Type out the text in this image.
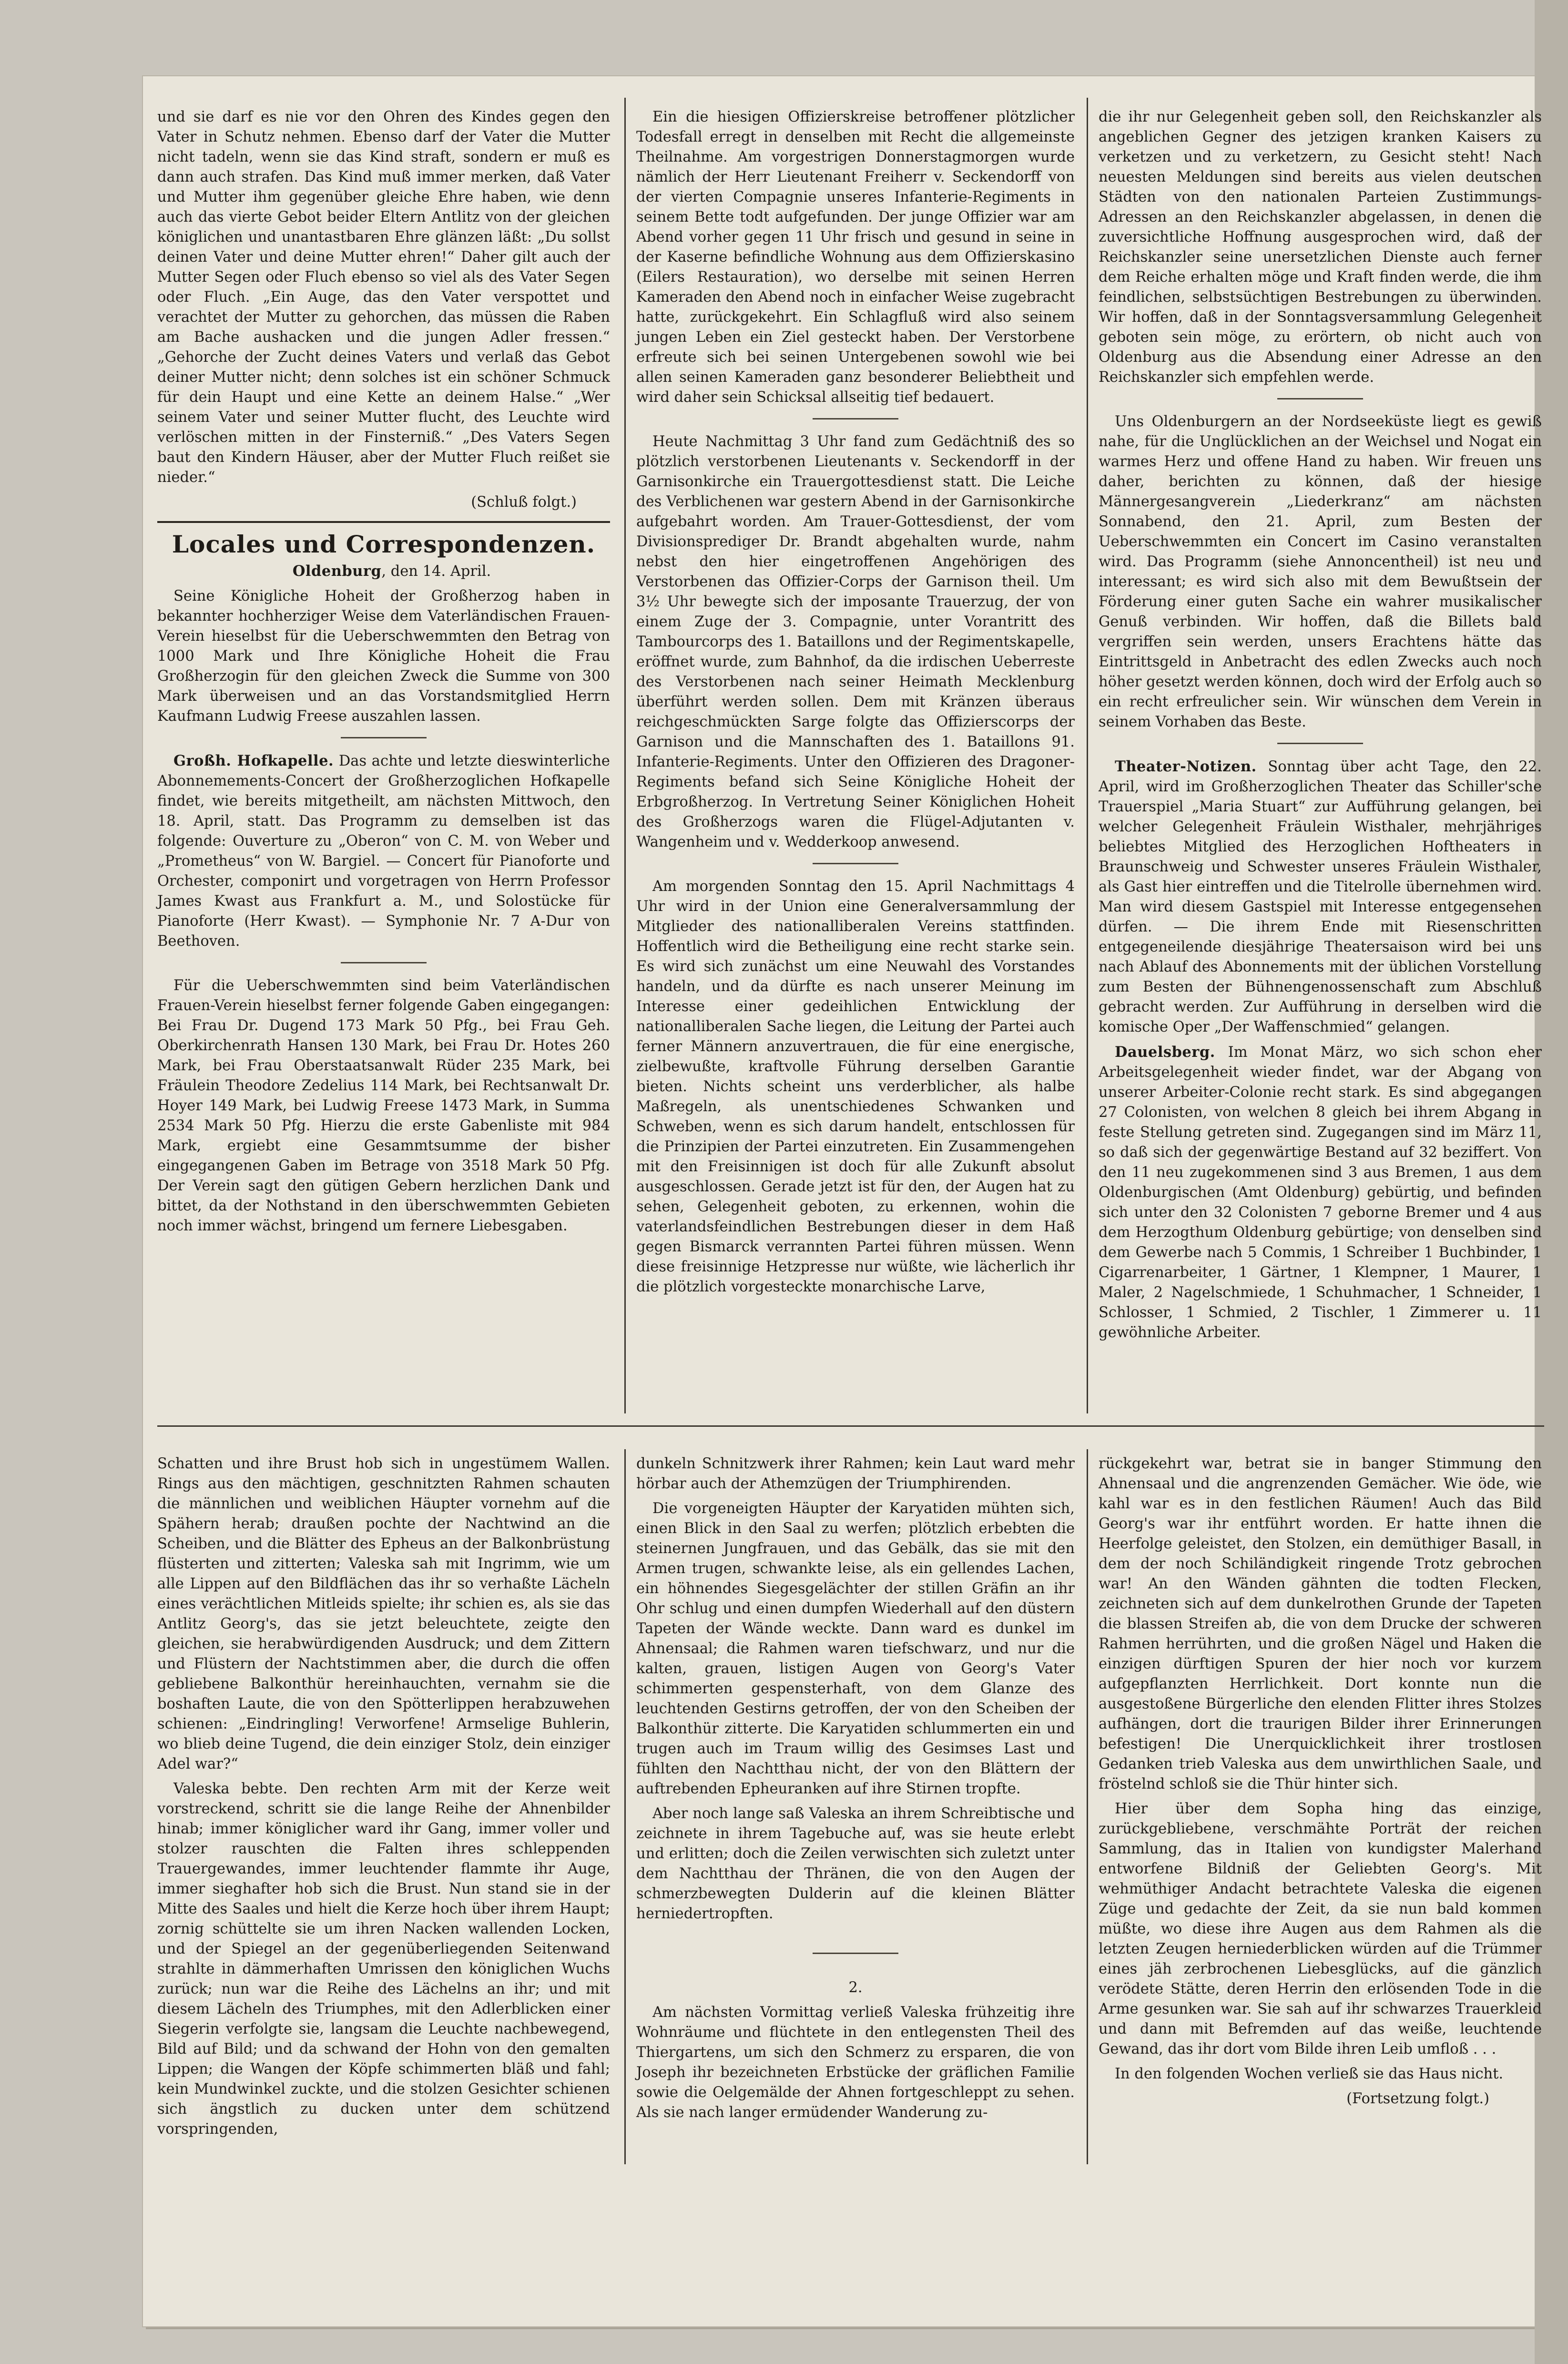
und sie darf es nie vor den Ohren des Kindes gegen den Vater in Schutz nehmen. Ebenso darf der Vater die Mutter nicht tadeln, wenn sie das Kind straft, sondern er muß es dann auch strafen. Das Kind muß immer merken, daß Vater und Mutter ihm gegenüber gleiche Ehre haben, wie denn auch das vierte Gebot beider Eltern Antlitz von der gleichen königlichen und unantastbaren Ehre glänzen läßt: „Du sollst deinen Vater und deine Mutter ehren!“ Daher gilt auch der Mutter Segen oder Fluch ebenso so viel als des Vater Segen oder Fluch. „Ein Auge, das den Vater verspottet und verachtet der Mutter zu gehorchen, das müssen die Raben am Bache aushacken und die jungen Adler fressen.“ „Gehorche der Zucht deines Vaters und verlaß das Gebot deiner Mutter nicht; denn solches ist ein schöner Schmuck für dein Haupt und eine Kette an deinem Halse.“ „Wer seinem Vater und seiner Mutter flucht, des Leuchte wird verlöschen mitten in der Finsterniß.“ „Des Vaters Segen baut den Kindern Häuser, aber der Mutter Fluch reißet sie nieder.“

(Schluß folgt.)

Locales und Correspondenzen.

Oldenburg, den 14. April.

Seine Königliche Hoheit der Großherzog haben in bekannter hochherziger Weise dem Vaterländischen Frauen-Verein hieselbst für die Ueberschwemmten den Betrag von 1000 Mark und Ihre Königliche Hoheit die Frau Großherzogin für den gleichen Zweck die Summe von 300 Mark überweisen und an das Vorstandsmitglied Herrn Kaufmann Ludwig Freese auszahlen lassen.

Großh. Hofkapelle. Das achte und letzte dieswinterliche Abonnemements-Concert der Großherzoglichen Hofkapelle findet, wie bereits mitgetheilt, am nächsten Mittwoch, den 18. April, statt. Das Programm zu demselben ist das folgende: Ouverture zu „Oberon“ von C. M. von Weber und „Prometheus“ von W. Bargiel. — Concert für Pianoforte und Orchester, componirt und vorgetragen von Herrn Professor James Kwast aus Frankfurt a. M., und Solostücke für Pianoforte (Herr Kwast). — Symphonie Nr. 7 A-Dur von Beethoven.

Für die Ueberschwemmten sind beim Vaterländischen Frauen-Verein hieselbst ferner folgende Gaben eingegangen: Bei Frau Dr. Dugend 173 Mark 50 Pfg., bei Frau Geh. Oberkirchenrath Hansen 130 Mark, bei Frau Dr. Hotes 260 Mark, bei Frau Oberstaatsanwalt Rüder 235 Mark, bei Fräulein Theodore Zedelius 114 Mark, bei Rechtsanwalt Dr. Hoyer 149 Mark, bei Ludwig Freese 1473 Mark, in Summa 2534 Mark 50 Pfg. Hierzu die erste Gabenliste mit 984 Mark, ergiebt eine Gesammtsumme der bisher eingegangenen Gaben im Betrage von 3518 Mark 50 Pfg. Der Verein sagt den gütigen Gebern herzlichen Dank und bittet, da der Nothstand in den überschwemmten Gebieten noch immer wächst, bringend um fernere Liebesgaben.

Ein die hiesigen Offizierskreise betroffener plötzlicher Todesfall erregt in denselben mit Recht die allgemeinste Theilnahme. Am vorgestrigen Donnerstagmorgen wurde nämlich der Herr Lieutenant Freiherr v. Seckendorff von der vierten Compagnie unseres Infanterie-Regiments in seinem Bette todt aufgefunden. Der junge Offizier war am Abend vorher gegen 11 Uhr frisch und gesund in seine in der Kaserne befindliche Wohnung aus dem Offizierskasino (Eilers Restauration), wo derselbe mit seinen Herren Kameraden den Abend noch in einfacher Weise zugebracht hatte, zurückgekehrt. Ein Schlagfluß wird also seinem jungen Leben ein Ziel gesteckt haben. Der Verstorbene erfreute sich bei seinen Untergebenen sowohl wie bei allen seinen Kameraden ganz besonderer Beliebtheit und wird daher sein Schicksal allseitig tief bedauert.

Heute Nachmittag 3 Uhr fand zum Gedächtniß des so plötzlich verstorbenen Lieutenants v. Seckendorff in der Garnisonkirche ein Trauergottesdienst statt. Die Leiche des Verblichenen war gestern Abend in der Garnisonkirche aufgebahrt worden. Am Trauer-Gottesdienst, der vom Divisionsprediger Dr. Brandt abgehalten wurde, nahm nebst den hier eingetroffenen Angehörigen des Verstorbenen das Offizier-Corps der Garnison theil. Um 3½ Uhr bewegte sich der imposante Trauerzug, der von einem Zuge der 3. Compagnie, unter Vorantritt des Tambourcorps des 1. Bataillons und der Regimentskapelle, eröffnet wurde, zum Bahnhof, da die irdischen Ueberreste des Verstorbenen nach seiner Heimath Mecklenburg überführt werden sollen. Dem mit Kränzen überaus reichgeschmückten Sarge folgte das Offizierscorps der Garnison und die Mannschaften des 1. Bataillons 91. Infanterie-Regiments. Unter den Offizieren des Dragoner-Regiments befand sich Seine Königliche Hoheit der Erbgroßherzog. In Vertretung Seiner Königlichen Hoheit des Großherzogs waren die Flügel-Adjutanten v. Wangenheim und v. Wedderkoop anwesend.

Am morgenden Sonntag den 15. April Nachmittags 4 Uhr wird in der Union eine Generalversammlung der Mitglieder des nationalliberalen Vereins stattfinden. Hoffentlich wird die Betheiligung eine recht starke sein. Es wird sich zunächst um eine Neuwahl des Vorstandes handeln, und da dürfte es nach unserer Meinung im Interesse einer gedeihlichen Entwicklung der nationalliberalen Sache liegen, die Leitung der Partei auch ferner Männern anzuvertrauen, die für eine energische, zielbewußte, kraftvolle Führung derselben Garantie bieten. Nichts scheint uns verderblicher, als halbe Maßregeln, als unentschiedenes Schwanken und Schweben, wenn es sich darum handelt, entschlossen für die Prinzipien der Partei einzutreten. Ein Zusammengehen mit den Freisinnigen ist doch für alle Zukunft absolut ausgeschlossen. Gerade jetzt ist für den, der Augen hat zu sehen, Gelegenheit geboten, zu erkennen, wohin die vaterlandsfeindlichen Bestrebungen dieser in dem Haß gegen Bismarck verrannten Partei führen müssen. Wenn diese freisinnige Hetzpresse nur wüßte, wie lächerlich ihr die plötzlich vorgesteckte monarchische Larve,

die ihr nur Gelegenheit geben soll, den Reichskanzler als angeblichen Gegner des jetzigen kranken Kaisers zu verketzen und zu verketzern, zu Gesicht steht! Nach neuesten Meldungen sind bereits aus vielen deutschen Städten von den nationalen Parteien Zustimmungs-Adressen an den Reichskanzler abgelassen, in denen die zuversichtliche Hoffnung ausgesprochen wird, daß der Reichskanzler seine unersetzlichen Dienste auch ferner dem Reiche erhalten möge und Kraft finden werde, die ihm feindlichen, selbstsüchtigen Bestrebungen zu überwinden. Wir hoffen, daß in der Sonntagsversammlung Gelegenheit geboten sein möge, zu erörtern, ob nicht auch von Oldenburg aus die Absendung einer Adresse an den Reichskanzler sich empfehlen werde.

Uns Oldenburgern an der Nordseeküste liegt es gewiß nahe, für die Unglücklichen an der Weichsel und Nogat ein warmes Herz und offene Hand zu haben. Wir freuen uns daher, berichten zu können, daß der hiesige Männergesangverein „Liederkranz“ am nächsten Sonnabend, den 21. April, zum Besten der Ueberschwemmten ein Concert im Casino veranstalten wird. Das Programm (siehe Annoncentheil) ist neu und interessant; es wird sich also mit dem Bewußtsein der Förderung einer guten Sache ein wahrer musikalischer Genuß verbinden. Wir hoffen, daß die Billets bald vergriffen sein werden, unsers Erachtens hätte das Eintrittsgeld in Anbetracht des edlen Zwecks auch noch höher gesetzt werden können, doch wird der Erfolg auch so ein recht erfreulicher sein. Wir wünschen dem Verein in seinem Vorhaben das Beste.

Theater-Notizen. Sonntag über acht Tage, den 22. April, wird im Großherzoglichen Theater das Schiller'sche Trauerspiel „Maria Stuart“ zur Aufführung gelangen, bei welcher Gelegenheit Fräulein Wisthaler, mehrjähriges beliebtes Mitglied des Herzoglichen Hoftheaters in Braunschweig und Schwester unseres Fräulein Wisthaler, als Gast hier eintreffen und die Titelrolle übernehmen wird. Man wird diesem Gastspiel mit Interesse entgegensehen dürfen. — Die ihrem Ende mit Riesenschritten entgegeneilende diesjährige Theatersaison wird bei uns nach Ablauf des Abonnements mit der üblichen Vorstellung zum Besten der Bühnengenossenschaft zum Abschluß gebracht werden. Zur Aufführung in derselben wird die komische Oper „Der Waffenschmied“ gelangen.

Dauelsberg. Im Monat März, wo sich schon eher Arbeitsgelegenheit wieder findet, war der Abgang von unserer Arbeiter-Colonie recht stark. Es sind abgegangen 27 Colonisten, von welchen 8 gleich bei ihrem Abgang in feste Stellung getreten sind. Zugegangen sind im März 11, so daß sich der gegenwärtige Bestand auf 32 beziffert. Von den 11 neu zugekommenen sind 3 aus Bremen, 1 aus dem Oldenburgischen (Amt Oldenburg) gebürtig, und befinden sich unter den 32 Colonisten 7 geborne Bremer und 4 aus dem Herzogthum Oldenburg gebürtige; von denselben sind dem Gewerbe nach 5 Commis, 1 Schreiber 1 Buchbinder, 1 Cigarrenarbeiter, 1 Gärtner, 1 Klempner, 1 Maurer, 1 Maler, 2 Nagelschmiede, 1 Schuhmacher, 1 Schneider, 1 Schlosser, 1 Schmied, 2 Tischler, 1 Zimmerer u. 11 gewöhnliche Arbeiter.

Schatten und ihre Brust hob sich in ungestümem Wallen. Rings aus den mächtigen, geschnitzten Rahmen schauten die männlichen und weiblichen Häupter vornehm auf die Spähern herab; draußen pochte der Nachtwind an die Scheiben, und die Blätter des Epheus an der Balkonbrüstung flüsterten und zitterten; Valeska sah mit Ingrimm, wie um alle Lippen auf den Bildflächen das ihr so verhaßte Lächeln eines verächtlichen Mitleids spielte; ihr schien es, als sie das Antlitz Georg's, das sie jetzt beleuchtete, zeigte den gleichen, sie herabwürdigenden Ausdruck; und dem Zittern und Flüstern der Nachtstimmen aber, die durch die offen gebliebene Balkonthür hereinhauchten, vernahm sie die boshaften Laute, die von den Spötterlippen herabzuwehen schienen: „Eindringling! Verworfene! Armselige Buhlerin, wo blieb deine Tugend, die dein einziger Stolz, dein einziger Adel war?“

Valeska bebte. Den rechten Arm mit der Kerze weit vorstreckend, schritt sie die lange Reihe der Ahnenbilder hinab; immer königlicher ward ihr Gang, immer voller und stolzer rauschten die Falten ihres schleppenden Trauergewandes, immer leuchtender flammte ihr Auge, immer sieghafter hob sich die Brust. Nun stand sie in der Mitte des Saales und hielt die Kerze hoch über ihrem Haupt; zornig schüttelte sie um ihren Nacken wallenden Locken, und der Spiegel an der gegenüberliegenden Seitenwand strahlte in dämmerhaften Umrissen den königlichen Wuchs zurück; nun war die Reihe des Lächelns an ihr; und mit diesem Lächeln des Triumphes, mit den Adlerblicken einer Siegerin verfolgte sie, langsam die Leuchte nachbewegend, Bild auf Bild; und da schwand der Hohn von den gemalten Lippen; die Wangen der Köpfe schimmerten bläß und fahl; kein Mundwinkel zuckte, und die stolzen Gesichter schienen sich ängstlich zu ducken unter dem schützend vorspringenden,

dunkeln Schnitzwerk ihrer Rahmen; kein Laut ward mehr hörbar auch der Athemzügen der Triumphirenden.

Die vorgeneigten Häupter der Karyatiden mühten sich, einen Blick in den Saal zu werfen; plötzlich erbebten die steinernen Jungfrauen, und das Gebälk, das sie mit den Armen trugen, schwankte leise, als ein gellendes Lachen, ein höhnendes Siegesgelächter der stillen Gräfin an ihr Ohr schlug und einen dumpfen Wiederhall auf den düstern Tapeten der Wände weckte. Dann ward es dunkel im Ahnensaal; die Rahmen waren tiefschwarz, und nur die kalten, grauen, listigen Augen von Georg's Vater schimmerten gespensterhaft, von dem Glanze des leuchtenden Gestirns getroffen, der von den Scheiben der Balkonthür zitterte. Die Karyatiden schlummerten ein und trugen auch im Traum willig des Gesimses Last und fühlten den Nachtthau nicht, der von den Blättern der auftrebenden Epheuranken auf ihre Stirnen tropfte.

Aber noch lange saß Valeska an ihrem Schreibtische und zeichnete in ihrem Tagebuche auf, was sie heute erlebt und erlitten; doch die Zeilen verwischten sich zuletzt unter dem Nachtthau der Thränen, die von den Augen der schmerzbewegten Dulderin auf die kleinen Blätter herniedertropften.

2.

Am nächsten Vormittag verließ Valeska frühzeitig ihre Wohnräume und flüchtete in den entlegensten Theil des Thiergartens, um sich den Schmerz zu ersparen, die von Joseph ihr bezeichneten Erbstücke der gräflichen Familie sowie die Oelgemälde der Ahnen fortgeschleppt zu sehen. Als sie nach langer ermüdender Wanderung zu-

rückgekehrt war, betrat sie in banger Stimmung den Ahnensaal und die angrenzenden Gemächer. Wie öde, wie kahl war es in den festlichen Räumen! Auch das Bild Georg's war ihr entführt worden. Er hatte ihnen die Heerfolge geleistet, den Stolzen, ein demüthiger Basall, in dem der noch Schiländigkeit ringende Trotz gebrochen war! An den Wänden gähnten die todten Flecken, zeichneten sich auf dem dunkelrothen Grunde der Tapeten die blassen Streifen ab, die von dem Drucke der schweren Rahmen herrührten, und die großen Nägel und Haken die einzigen dürftigen Spuren der hier noch vor kurzem aufgepflanzten Herrlichkeit. Dort konnte nun die ausgestoßene Bürgerliche den elenden Flitter ihres Stolzes aufhängen, dort die traurigen Bilder ihrer Erinnerungen befestigen! Die Unerquicklichkeit ihrer trostlosen Gedanken trieb Valeska aus dem unwirthlichen Saale, und fröstelnd schloß sie die Thür hinter sich.

Hier über dem Sopha hing das einzige, zurückgebliebene, verschmähte Porträt der reichen Sammlung, das in Italien von kundigster Malerhand entworfene Bildniß der Geliebten Georg's. Mit wehmüthiger Andacht betrachtete Valeska die eigenen Züge und gedachte der Zeit, da sie nun bald kommen müßte, wo diese ihre Augen aus dem Rahmen als die letzten Zeugen herniederblicken würden auf die Trümmer eines jäh zerbrochenen Liebesglücks, auf die gänzlich verödete Stätte, deren Herrin den erlösenden Tode in die Arme gesunken war. Sie sah auf ihr schwarzes Trauerkleid und dann mit Befremden auf das weiße, leuchtende Gewand, das ihr dort vom Bilde ihren Leib umfloß . . .

In den folgenden Wochen verließ sie das Haus nicht.

(Fortsetzung folgt.)
